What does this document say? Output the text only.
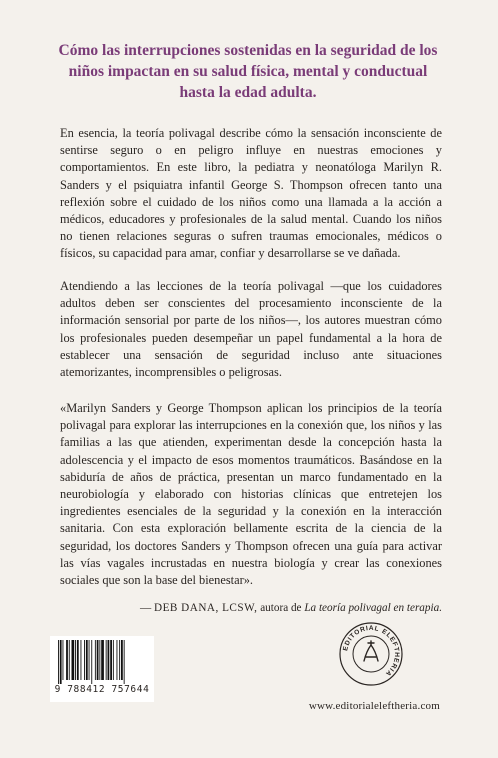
Cómo las interrupciones sostenidas en la seguridad de los niños impactan en su salud física, mental y conductual hasta la edad adulta.
En esencia, la teoría polivagal describe cómo la sensación inconsciente de sentirse seguro o en peligro influye en nuestras emociones y comportamientos. En este libro, la pediatra y neonatóloga Marilyn R. Sanders y el psiquiatra infantil George S. Thompson ofrecen tanto una reflexión sobre el cuidado de los niños como una llamada a la acción a médicos, educadores y profesionales de la salud mental. Cuando los niños no tienen relaciones seguras o sufren traumas emocionales, médicos o físicos, su capacidad para amar, confiar y desarrollarse se ve dañada.
Atendiendo a las lecciones de la teoría polivagal —que los cuidadores adultos deben ser conscientes del procesamiento inconsciente de la información sensorial por parte de los niños—, los autores muestran cómo los profesionales pueden desempeñar un papel fundamental a la hora de establecer una sensación de seguridad incluso ante situaciones atemorizantes, incomprensibles o peligrosas.
«Marilyn Sanders y George Thompson aplican los principios de la teoría polivagal para explorar las interrupciones en la conexión que, los niños y las familias a las que atienden, experimentan desde la concepción hasta la adolescencia y el impacto de esos momentos traumáticos. Basándose en la sabiduría de años de práctica, presentan un marco fundamentado en la neurobiología y elaborado con historias clínicas que entretejen los ingredientes esenciales de la seguridad y la conexión en la interacción sanitaria. Con esta exploración bellamente escrita de la ciencia de la seguridad, los doctores Sanders y Thompson ofrecen una guía para activar las vías vagales incrustadas en nuestra biología y crear las conexiones sociales que son la base del bienestar».
— DEB DANA, LCSW, autora de La teoría polivagal en terapia.
9 788412 757644
EDITORIAL ELEFTHERIA
www.editorialeleftheria.com
